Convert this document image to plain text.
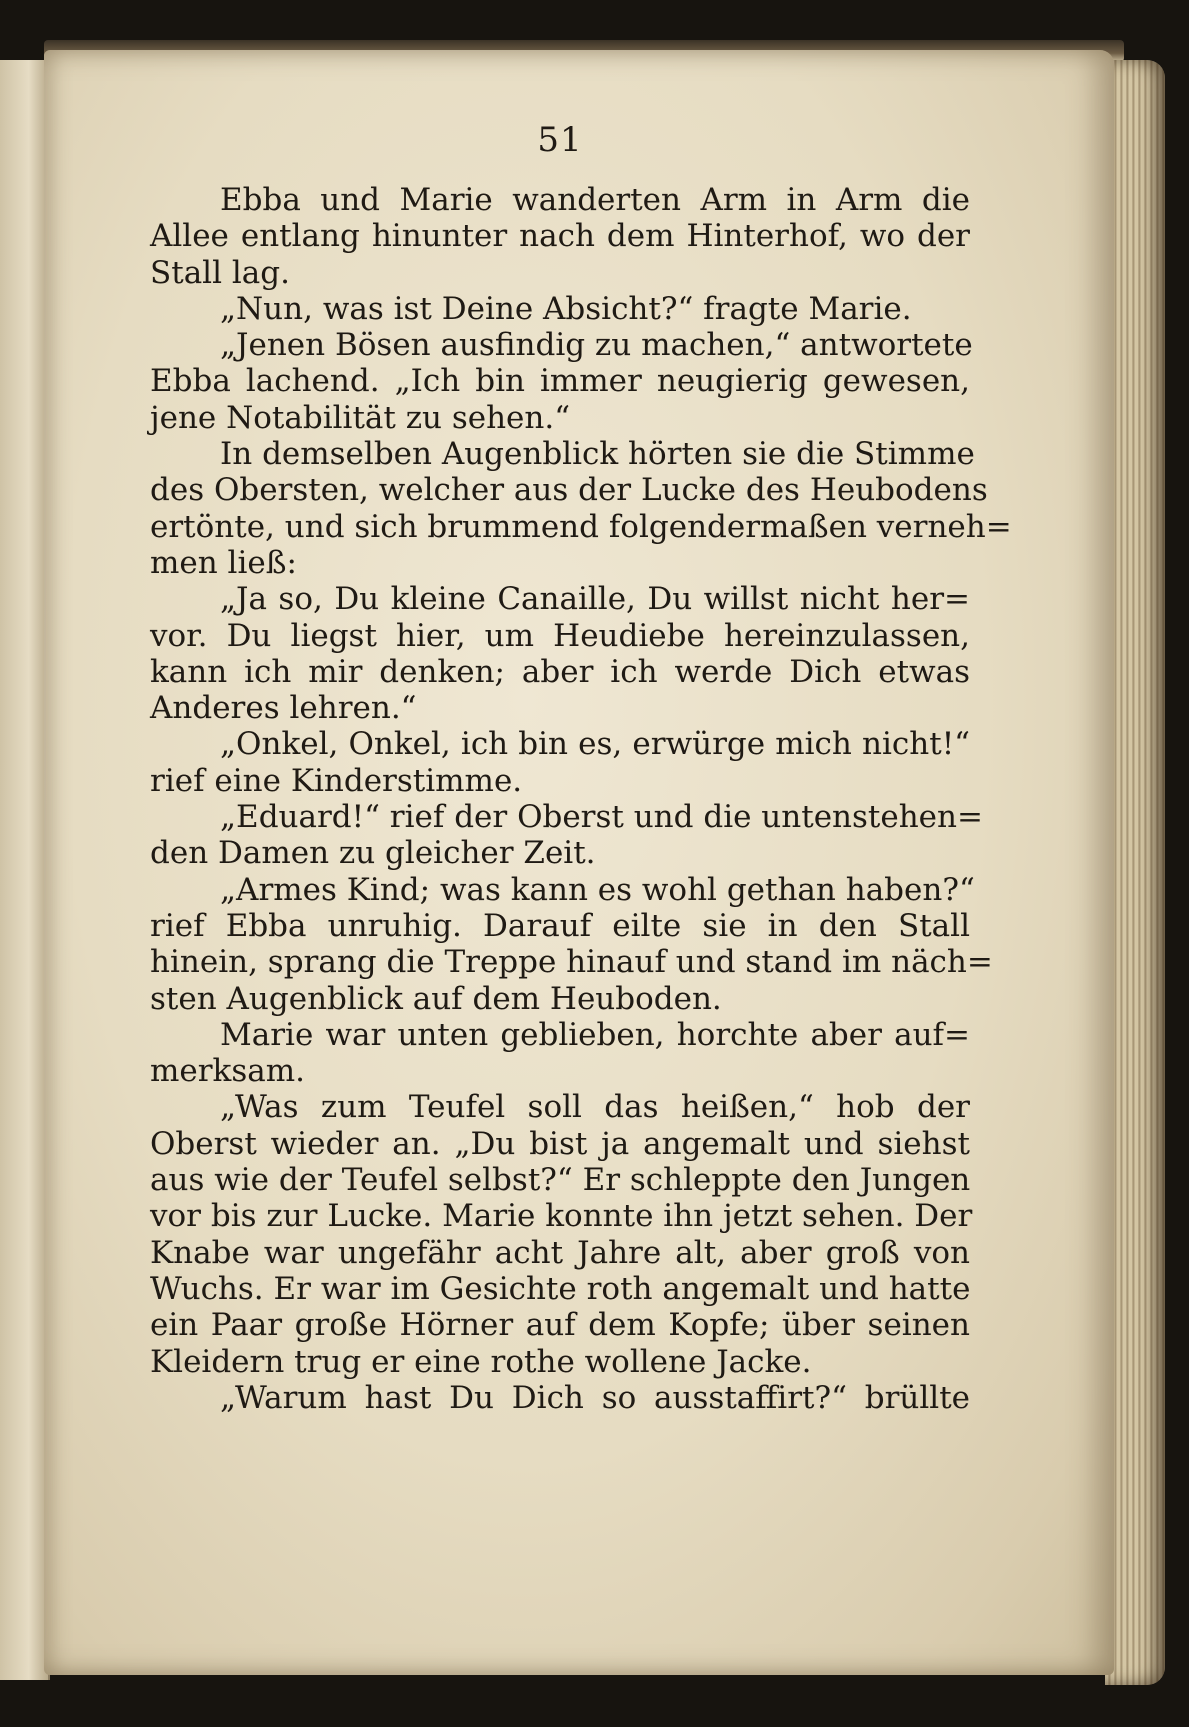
51
Ebba und Marie wanderten Arm in Arm die
Allee entlang hinunter nach dem Hinterhof, wo der
Stall lag.
„Nun, was ist Deine Absicht?“ fragte Marie.
„Jenen Bösen ausfindig zu machen,“ antwortete
Ebba lachend. „Ich bin immer neugierig gewesen,
jene Notabilität zu sehen.“
In demselben Augenblick hörten sie die Stimme
des Obersten, welcher aus der Lucke des Heubodens
ertönte, und sich brummend folgendermaßen verneh=
men ließ:
„Ja so, Du kleine Canaille, Du willst nicht her=
vor. Du liegst hier, um Heudiebe hereinzulassen,
kann ich mir denken; aber ich werde Dich etwas
Anderes lehren.“
„Onkel, Onkel, ich bin es, erwürge mich nicht!“
rief eine Kinderstimme.
„Eduard!“ rief der Oberst und die untenstehen=
den Damen zu gleicher Zeit.
„Armes Kind; was kann es wohl gethan haben?“
rief Ebba unruhig. Darauf eilte sie in den Stall
hinein, sprang die Treppe hinauf und stand im näch=
sten Augenblick auf dem Heuboden.
Marie war unten geblieben, horchte aber auf=
merksam.
„Was zum Teufel soll das heißen,“ hob der
Oberst wieder an. „Du bist ja angemalt und siehst
aus wie der Teufel selbst?“ Er schleppte den Jungen
vor bis zur Lucke. Marie konnte ihn jetzt sehen. Der
Knabe war ungefähr acht Jahre alt, aber groß von
Wuchs. Er war im Gesichte roth angemalt und hatte
ein Paar große Hörner auf dem Kopfe; über seinen
Kleidern trug er eine rothe wollene Jacke.
„Warum hast Du Dich so ausstaffirt?“ brüllte
